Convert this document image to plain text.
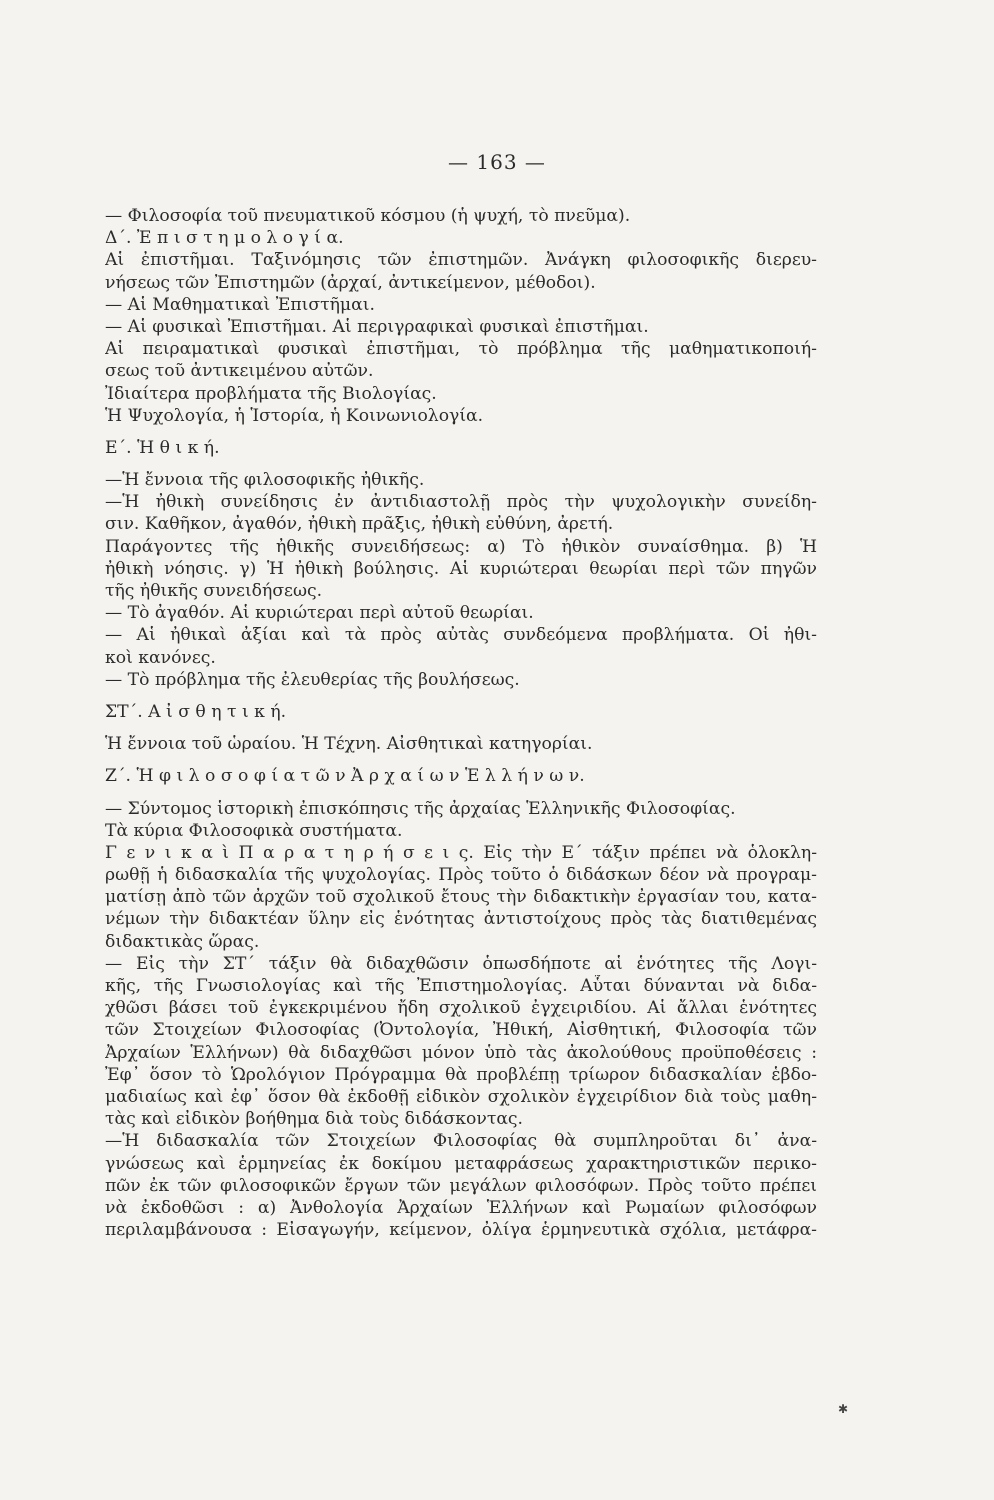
— 163 —
— Φιλοσοφία τοῦ πνευματικοῦ κόσμου (ἡ ψυχή, τὸ πνεῦμα).
Δ΄. Ἐ π ι σ τ η μ ο λ ο γ ί α.
Αἱ ἐπιστῆμαι. Ταξινόμησις τῶν ἐπιστημῶν. Ἀνάγκη φιλοσοφικῆς διερευ-
νήσεως τῶν Ἐπιστημῶν (ἀρχαί, ἀντικείμενον, μέθοδοι).
— Αἱ Μαθηματικαὶ Ἐπιστῆμαι.
— Αἱ φυσικαὶ Ἐπιστῆμαι. Αἱ περιγραφικαὶ φυσικαὶ ἐπιστῆμαι.
Αἱ πειραματικαὶ φυσικαὶ ἐπιστῆμαι, τὸ πρόβλημα τῆς μαθηματικοποιή-
σεως τοῦ ἀντικειμένου αὐτῶν.
Ἰδιαίτερα προβλήματα τῆς Βιολογίας.
Ἡ Ψυχολογία, ἡ Ἱστορία, ἡ Κοινωνιολογία.
Ε΄. Ἡ θ ι κ ή.
—Ἡ ἔννοια τῆς φιλοσοφικῆς ἠθικῆς.
—Ἡ ἠθικὴ συνείδησις ἐν ἀντιδιαστολῇ πρὸς τὴν ψυχολογικὴν συνείδη-
σιν. Καθῆκον, ἀγαθόν, ἠθικὴ πρᾶξις, ἠθικὴ εὐθύνη, ἀρετή.
Παράγοντες τῆς ἠθικῆς συνειδήσεως: α) Τὸ ἠθικὸν συναίσθημα. β) Ἡ
ἠθικὴ νόησις. γ) Ἡ ἠθικὴ βούλησις. Αἱ κυριώτεραι θεωρίαι περὶ τῶν πηγῶν
τῆς ἠθικῆς συνειδήσεως.
— Τὸ ἀγαθόν. Αἱ κυριώτεραι περὶ αὐτοῦ θεωρίαι.
— Αἱ ἠθικαὶ ἀξίαι καὶ τὰ πρὸς αὐτὰς συνδεόμενα προβλήματα. Οἱ ἠθι-
κοὶ κανόνες.
— Τὸ πρόβλημα τῆς ἐλευθερίας τῆς βουλήσεως.
ΣΤ΄. Α ἰ σ θ η τ ι κ ή.
Ἡ ἔννοια τοῦ ὡραίου. Ἡ Τέχνη. Αἰσθητικαὶ κατηγορίαι.
Ζ΄. Ἡ φ ι λ ο σ ο φ ί α τ ῶ ν Ἀ ρ χ α ί ω ν Ἑ λ λ ή ν ω ν.
— Σύντομος ἱστορικὴ ἐπισκόπησις τῆς ἀρχαίας Ἑλληνικῆς Φιλοσοφίας.
Τὰ κύρια Φιλοσοφικὰ συστήματα.
Γ ε ν ι κ α ὶ Π α ρ α τ η ρ ή σ ε ι ς. Εἰς τὴν Ε΄ τάξιν πρέπει νὰ ὁλοκλη-
ρωθῇ ἡ διδασκαλία τῆς ψυχολογίας. Πρὸς τοῦτο ὁ διδάσκων δέον νὰ προγραμ-
ματίσῃ ἀπὸ τῶν ἀρχῶν τοῦ σχολικοῦ ἔτους τὴν διδακτικὴν ἐργασίαν του, κατα-
νέμων τὴν διδακτέαν ὕλην εἰς ἑνότητας ἀντιστοίχους πρὸς τὰς διατιθεμένας
διδακτικὰς ὥρας.
— Εἰς τὴν ΣΤ΄ τάξιν θὰ διδαχθῶσιν ὁπωσδήποτε αἱ ἑνότητες τῆς Λογι-
κῆς, τῆς Γνωσιολογίας καὶ τῆς Ἐπιστημολογίας. Αὗται δύνανται νὰ διδα-
χθῶσι βάσει τοῦ ἐγκεκριμένου ἤδη σχολικοῦ ἐγχειριδίου. Αἱ ἄλλαι ἑνότητες
τῶν Στοιχείων Φιλοσοφίας (Ὀντολογία, Ἠθική, Αἰσθητική, Φιλοσοφία τῶν
Ἀρχαίων Ἑλλήνων) θὰ διδαχθῶσι μόνον ὑπὸ τὰς ἀκολούθους προϋποθέσεις :
Ἐφ᾽ ὅσον τὸ Ὡρολόγιον Πρόγραμμα θὰ προβλέπῃ τρίωρον διδασκαλίαν ἑβδο-
μαδιαίως καὶ ἐφ᾽ ὅσον θὰ ἐκδοθῇ εἰδικὸν σχολικὸν ἐγχειρίδιον διὰ τοὺς μαθη-
τὰς καὶ εἰδικὸν βοήθημα διὰ τοὺς διδάσκοντας.
—Ἡ διδασκαλία τῶν Στοιχείων Φιλοσοφίας θὰ συμπληροῦται δι᾽ ἀνα-
γνώσεως καὶ ἑρμηνείας ἐκ δοκίμου μεταφράσεως χαρακτηριστικῶν περικο-
πῶν ἐκ τῶν φιλοσοφικῶν ἔργων τῶν μεγάλων φιλοσόφων. Πρὸς τοῦτο πρέπει
νὰ ἐκδοθῶσι : α) Ἀνθολογία Ἀρχαίων Ἑλλήνων καὶ Ρωμαίων φιλοσόφων
περιλαμβάνουσα : Εἰσαγωγήν, κείμενον, ὀλίγα ἑρμηνευτικὰ σχόλια, μετάφρα-
✱
